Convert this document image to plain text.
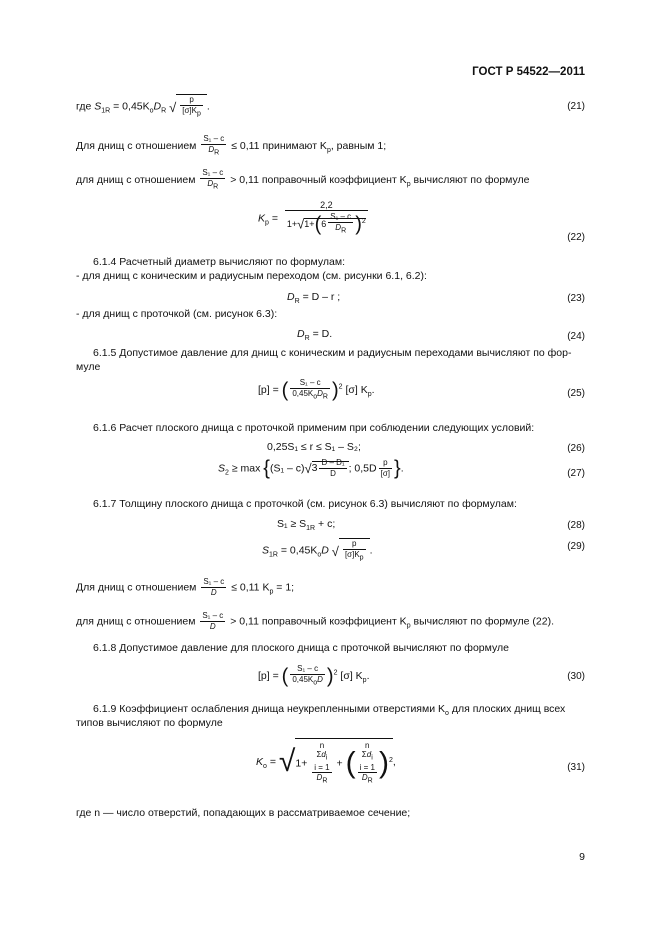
ГОСТ Р 54522—2011
где $S_{1R} = 0,45K_oD_R$ √ $\frac{p}{[\sigma]K_p}$ .	(21)
Для днищ с отношением $\frac{\text{S₁ – c}}{D_R} \le 0,11$ принимают $K_p$, равным 1;
для днищ с отношением $\frac{\text{S₁ – c}}{D_R} > 0,11$ поправочный коэффициент $K_p$ вычисляют по формуле
$K_p = \frac{2,2}{1+√1+(6 \frac{\text{S₁ – c}}{D_R} )^2}$
(22)
6.1.4 Расчетный диаметр вычисляют по формулам:
- для днищ с коническим и радиусным переходом (см. рисунки 6.1, 6.2):
$D_R = D - r$ ;	(23)
- для днищ с проточкой (см. рисунок 6.3):
$D_R = D$.	(24)
6.1.5 Допустимое давление для днищ с коническим и радиусным переходами вычисляют по фор-
муле
[p] = ( $\frac{\text{S₁ – c}}{0,45K_oD_R} )^2$ [σ] $K_p$.	(25)
6.1.6 Расчет плоского днища с проточкой применим при соблюдении следующих условий:
0,25S₁ ≤ r ≤ S₁ – S₂;	(26)
$S_2 \ge \max \{(S_1 - c)√3 \frac{\text{D – D₁}}{D}$ ; $0,5D \frac{p}{[\sigma]}$ }.	(27)
6.1.7 Толщину плоского днища с проточкой (см. рисунок 6.3) вычисляют по формулам:
$S_1 \ge S_{1R} + c$;	(28)
$S_{1R} = 0,45K_oD$ √ $\frac{p}{[\sigma]K_p}$ .	(29)
Для днищ с отношением $\frac{\text{S₁ – c}}{D} \le 0,11$ $K_p = 1$;
для днищ с отношением $\frac{\text{S₁ – c}}{D} > 0,11$ поправочный коэффициент $K_p$ вычисляют по формуле (22).
6.1.8 Допустимое давление для плоского днища с проточкой вычисляют по формуле
[p] = ( $\frac{\text{S₁ – c}}{0,45K_oD} )^2$ [σ] $K_p$.	(30)
6.1.9 Коэффициент ослабления днища неукрепленными отверстиями $K_o$ для плоских днищ всех
типов вычисляют по формуле
$K_o = √1+$
n
$\Sigma d_i$
i = 1
$D_R$
+ (
n
$\Sigma d_i$
i = 1
$D_R$
)$^2$,	(31)
где n — число отверстий, попадающих в рассматриваемое сечение;
9
